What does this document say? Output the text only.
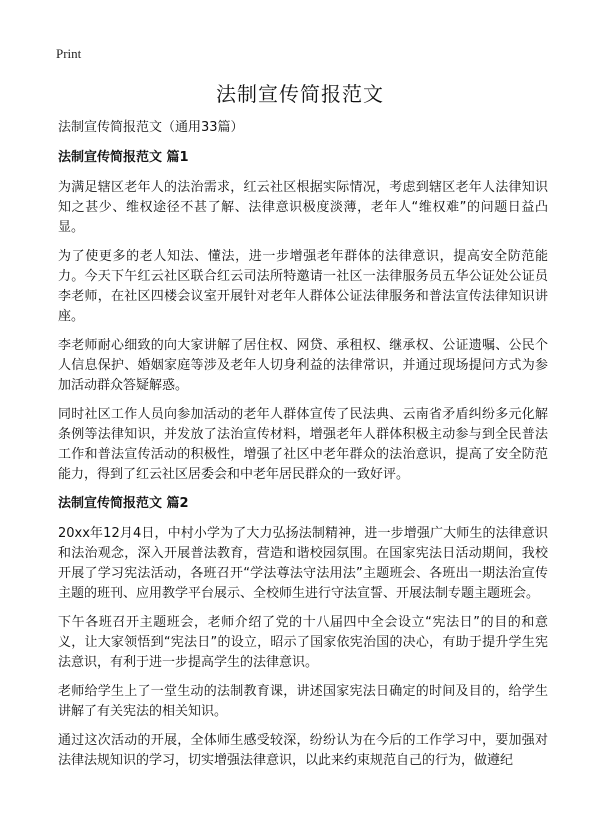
Print
法制宣传简报范文

法制宣传简报范文（通用33篇）

法制宣传简报范文 篇1

为满足辖区老年人的法治需求，红云社区根据实际情况，考虑到辖区老年人法律知识知之甚少、维权途径不甚了解、法律意识极度淡薄，老年人“维权难”的问题日益凸显。

为了使更多的老人知法、懂法，进一步增强老年群体的法律意识，提高安全防范能力。今天下午红云社区联合红云司法所特邀请一社区一法律服务员五华公证处公证员李老师，在社区四楼会议室开展针对老年人群体公证法律服务和普法宣传法律知识讲座。

李老师耐心细致的向大家讲解了居住权、网贷、承租权、继承权、公证遗嘱、公民个人信息保护、婚姻家庭等涉及老年人切身利益的法律常识，并通过现场提问方式为参加活动群众答疑解惑。

同时社区工作人员向参加活动的老年人群体宣传了民法典、云南省矛盾纠纷多元化解条例等法律知识，并发放了法治宣传材料，增强老年人群体积极主动参与到全民普法工作和普法宣传活动的积极性，增强了社区中老年群众的法治意识，提高了安全防范能力，得到了红云社区居委会和中老年居民群众的一致好评。

法制宣传简报范文 篇2

20xx年12月4日，中村小学为了大力弘扬法制精神，进一步增强广大师生的法律意识和法治观念，深入开展普法教育，营造和谐校园氛围。在国家宪法日活动期间，我校开展了学习宪法活动，各班召开“学法尊法守法用法”主题班会、各班出一期法治宣传主题的班刊、应用教学平台展示、全校师生进行守法宣誓、开展法制专题主题班会。

下午各班召开主题班会，老师介绍了党的十八届四中全会设立“宪法日”的目的和意义，让大家领悟到“宪法日”的设立，昭示了国家依宪治国的决心，有助于提升学生宪法意识，有利于进一步提高学生的法律意识。

老师给学生上了一堂生动的法制教育课，讲述国家宪法日确定的时间及目的，给学生讲解了有关宪法的相关知识。

通过这次活动的开展，全体师生感受较深，纷纷认为在今后的工作学习中，要加强对法律法规知识的学习，切实增强法律意识，以此来约束规范自己的行为，做遵纪
